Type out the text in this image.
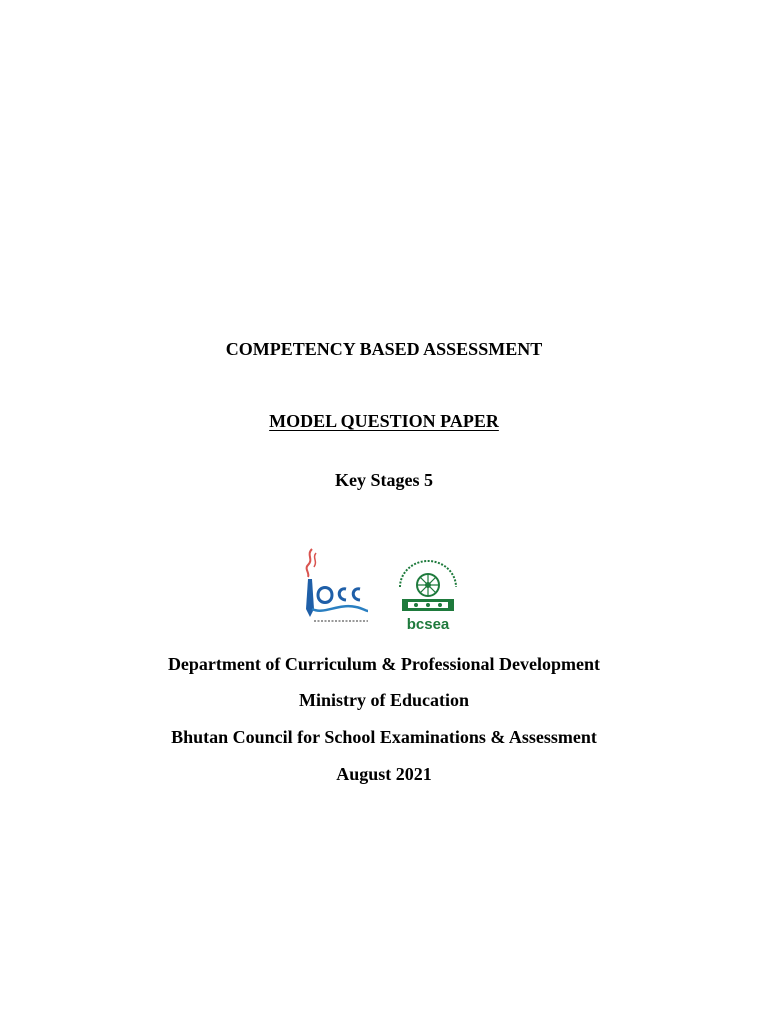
COMPETENCY BASED ASSESSMENT
MODEL QUESTION PAPER
Key Stages 5
bcsea
Department of Curriculum & Professional Development
Ministry of Education
Bhutan Council for School Examinations & Assessment
August 2021
